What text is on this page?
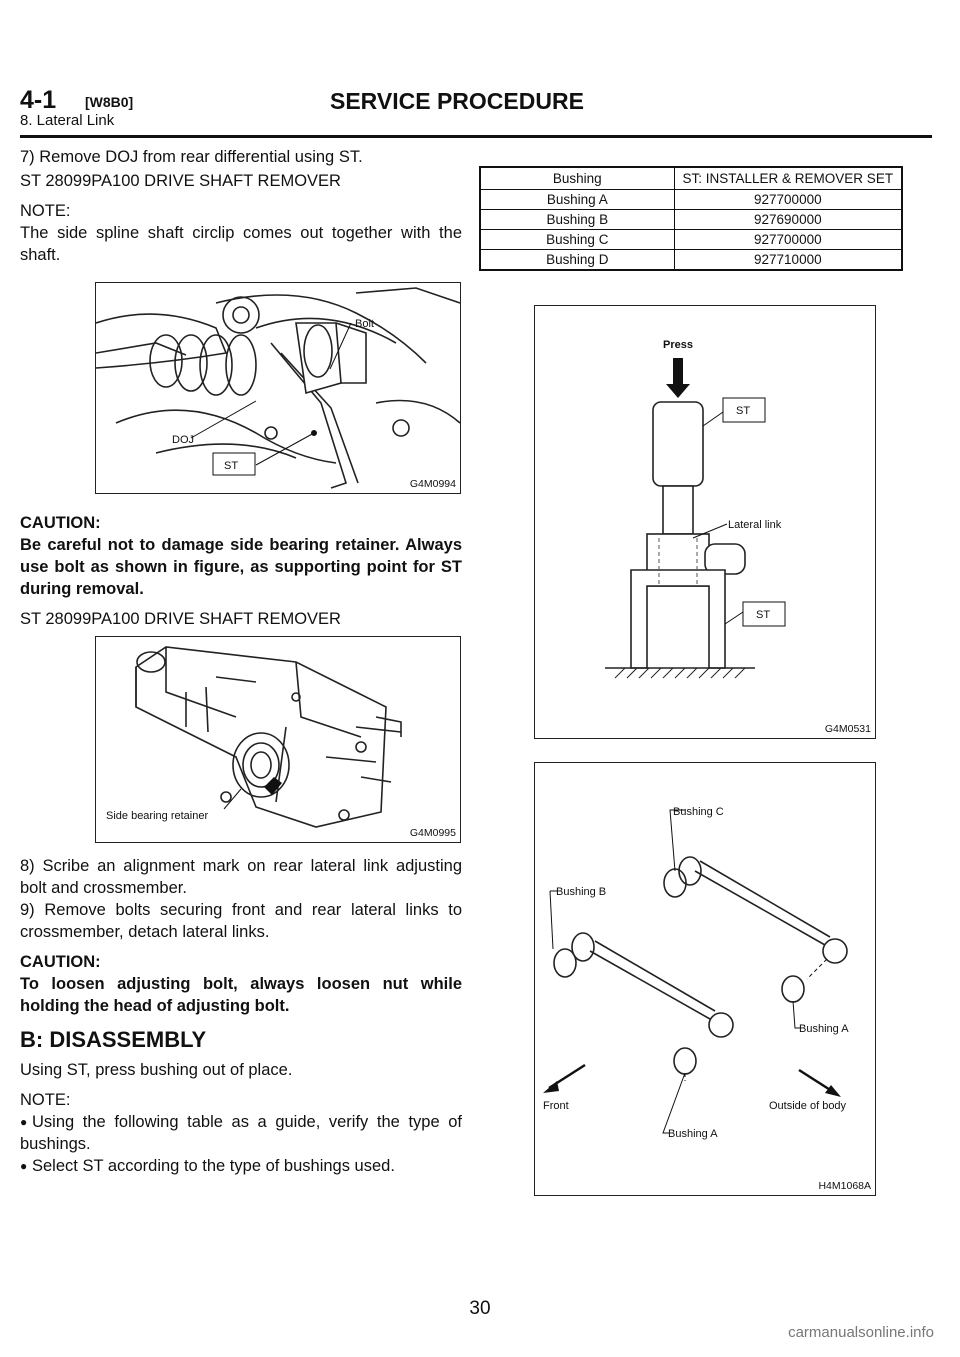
4-1 [W8B0]	SERVICE PROCEDURE
8. Lateral Link

7) Remove DOJ from rear differential using ST.

ST 28099PA100 DRIVE SHAFT REMOVER

NOTE:

The side spline shaft circlip comes out together with the shaft.

Bolt
DOJ
ST
G4M0994
CAUTION:

Be careful not to damage side bearing retainer. Always use bolt as shown in figure, as supporting point for ST during removal.

ST 28099PA100 DRIVE SHAFT REMOVER

Side bearing retainer
G4M0995
8) Scribe an alignment mark on rear lateral link adjusting bolt and crossmember.

9) Remove bolts securing front and rear lateral links to crossmember, detach lateral links.

CAUTION:

To loosen adjusting bolt, always loosen nut while holding the head of adjusting bolt.

B: DISASSEMBLY

Using ST, press bushing out of place.

NOTE:
● Using the following table as a guide, verify the type of bushings.
● Select ST according to the type of bushings used.
Bushing	ST: INSTALLER & REMOVER SET
Bushing A	927700000
Bushing B	927690000
Bushing C	927700000
Bushing D	927710000
Press
ST
Lateral link
ST
G4M0531
Bushing C
Bushing B
Bushing A
Front
Bushing A
Outside of body
H4M1068A
30
carmanualsonline.info
